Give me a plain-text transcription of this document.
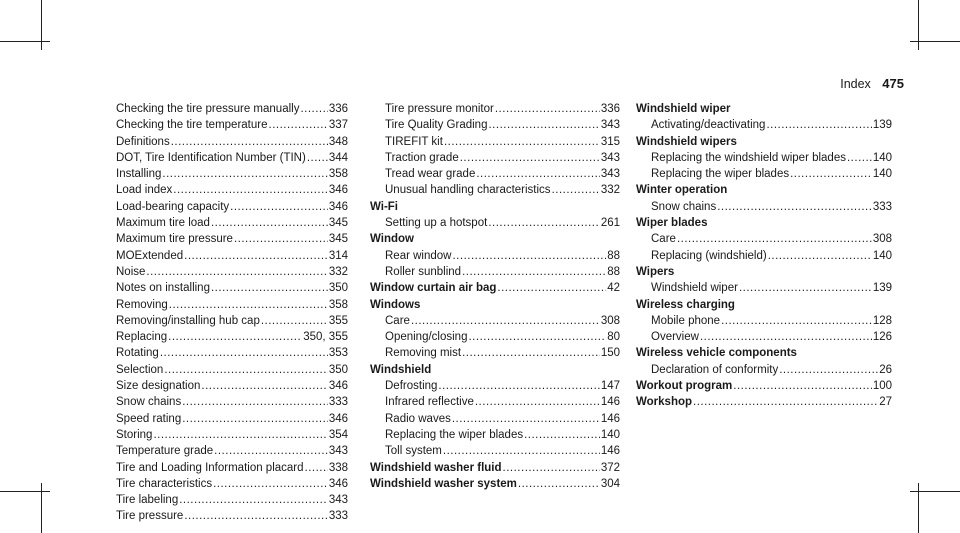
Index 475
Checking the tire pressure manually .....	336
Checking the tire temperature .....	337
Definitions .....	348
DOT, Tire Identification Number (TIN) ..... 344
Installing .....	358
Load index .....	346
Load-bearing capacity .....	346
Maximum tire load .....	345
Maximum tire pressure .....	345
MOExtended .....	314
Noise .....	332
Notes on installing .....	350
Removing .....	358
Removing/installing hub cap .....	355
Replacing .....	350, 355
Rotating .....	353
Selection .....	350
Size designation .....	346
Snow chains .....	333
Speed rating .....	346
Storing .....	354
Temperature grade .....	343
Tire and Loading Information placard ..... 338
Tire characteristics .....	346
Tire labeling .....	343
Tire pressure .....	333
Tire pressure monitor .....	336
Tire Quality Grading .....	343
TIREFIT kit .....	315
Traction grade .....	343
Tread wear grade .....	343
Unusual handling characteristics .....	332
Wi-Fi
Setting up a hotspot .....	261
Window
Rear window .....	88
Roller sunblind .....	88
Window curtain air bag .....	42
Windows
Care .....	308
Opening/closing .....	80
Removing mist .....	150
Windshield
Defrosting .....	147
Infrared reflective .....	146
Radio waves .....	146
Replacing the wiper blades .....	140
Toll system .....	146
Windshield washer fluid .....	372
Windshield washer system .....	304
Windshield wiper
Activating/deactivating .....	139
Windshield wipers
Replacing the windshield wiper blades ..... 140
Replacing the wiper blades .....	140
Winter operation
Snow chains .....	333
Wiper blades
Care .....	308
Replacing (windshield) .....	140
Wipers
Windshield wiper .....	139
Wireless charging
Mobile phone .....	128
Overview .....	126
Wireless vehicle components
Declaration of conformity .....	26
Workout program .....	100
Workshop .....	27
